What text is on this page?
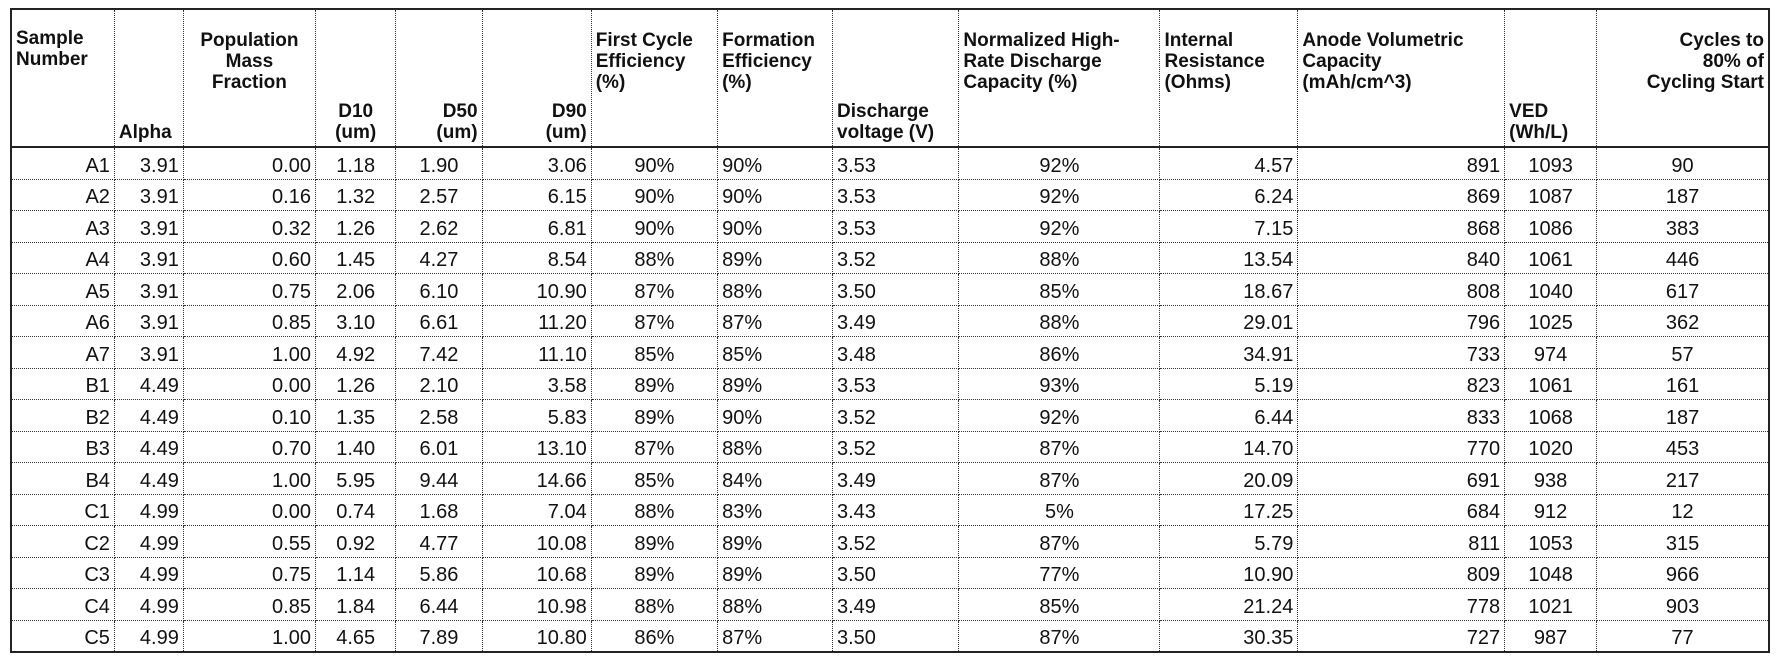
Sample
Number	Alpha	Population
Mass
Fraction	D10
(um)	D50
(um)	D90
(um)	First Cycle
Efficiency
(%)	Formation
Efficiency
(%)	Discharge
voltage (V)	Normalized High-
Rate Discharge
Capacity (%)	Internal
Resistance
(Ohms)	Anode Volumetric
Capacity
(mAh/cm^3)	VED
(Wh/L)	Cycles to
80% of
Cycling Start
A1	3.91	0.00	1.18	1.90	3.06	90%	90%	3.53	92%	4.57	891	1093	90
A2	3.91	0.16	1.32	2.57	6.15	90%	90%	3.53	92%	6.24	869	1087	187
A3	3.91	0.32	1.26	2.62	6.81	90%	90%	3.53	92%	7.15	868	1086	383
A4	3.91	0.60	1.45	4.27	8.54	88%	89%	3.52	88%	13.54	840	1061	446
A5	3.91	0.75	2.06	6.10	10.90	87%	88%	3.50	85%	18.67	808	1040	617
A6	3.91	0.85	3.10	6.61	11.20	87%	87%	3.49	88%	29.01	796	1025	362
A7	3.91	1.00	4.92	7.42	11.10	85%	85%	3.48	86%	34.91	733	974	57
B1	4.49	0.00	1.26	2.10	3.58	89%	89%	3.53	93%	5.19	823	1061	161
B2	4.49	0.10	1.35	2.58	5.83	89%	90%	3.52	92%	6.44	833	1068	187
B3	4.49	0.70	1.40	6.01	13.10	87%	88%	3.52	87%	14.70	770	1020	453
B4	4.49	1.00	5.95	9.44	14.66	85%	84%	3.49	87%	20.09	691	938	217
C1	4.99	0.00	0.74	1.68	7.04	88%	83%	3.43	5%	17.25	684	912	12
C2	4.99	0.55	0.92	4.77	10.08	89%	89%	3.52	87%	5.79	811	1053	315
C3	4.99	0.75	1.14	5.86	10.68	89%	89%	3.50	77%	10.90	809	1048	966
C4	4.99	0.85	1.84	6.44	10.98	88%	88%	3.49	85%	21.24	778	1021	903
C5	4.99	1.00	4.65	7.89	10.80	86%	87%	3.50	87%	30.35	727	987	77
